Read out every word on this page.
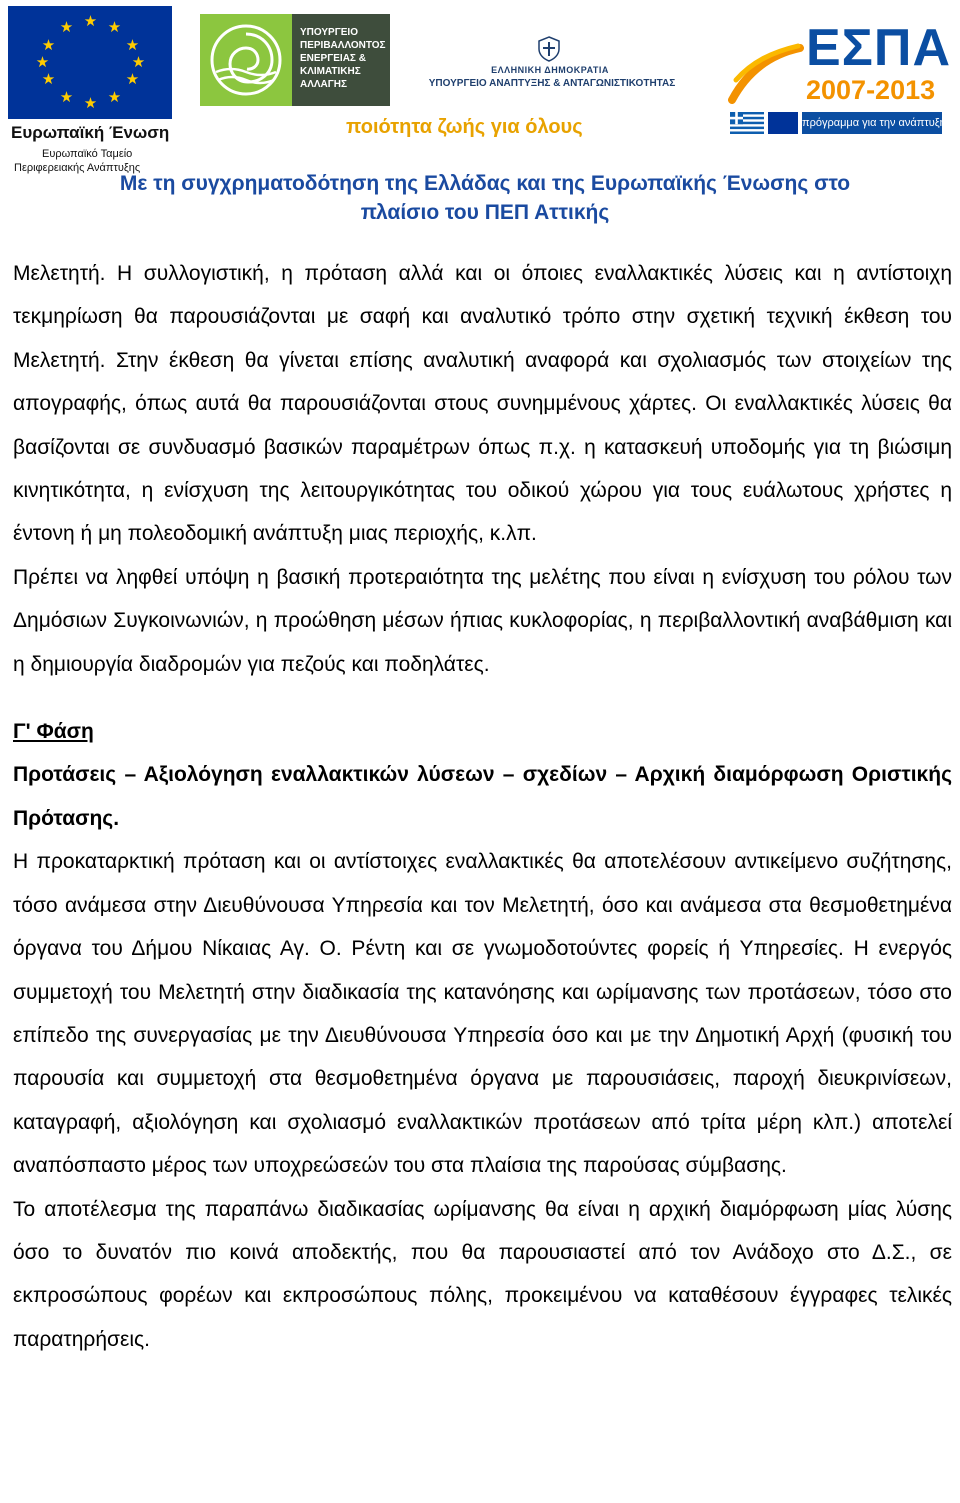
★ ★
★
★
★
★
★
★
★
★
★
★
Ευρωπαϊκή Ένωση
Ευρωπαϊκό Ταμείο
Περιφερειακής Ανάπτυξης
ΥΠΟΥΡΓΕΙΟ
ΠΕΡΙΒΑΛΛΟΝΤΟΣ
ΕΝΕΡΓΕΙΑΣ &
ΚΛΙΜΑΤΙΚΗΣ
ΑΛΛΑΓΗΣ
ΕΛΛΗΝΙΚΗ ΔΗΜΟΚΡΑΤΙΑ
ΥΠΟΥΡΓΕΙΟ ΑΝΑΠΤΥΞΗΣ & ΑΝΤΑΓΩΝΙΣΤΙΚΟΤΗΤΑΣ
ΕΣΠΑ
2007-2013
πρόγραμμα για την ανάπτυξη
ποιότητα ζωής για όλους
Με τη συγχρηματοδότηση της Ελλάδας και της Ευρωπαϊκής Ένωσης στο
πλαίσιο του ΠΕΠ Αττικής

Μελετητή. Η συλλογιστική, η πρόταση αλλά και οι όποιες εναλλακτικές λύσεις και η αντίστοιχη τεκμηρίωση θα παρουσιάζονται με σαφή και αναλυτικό τρόπο στην σχετική τεχνική έκθεση του Μελετητή. Στην έκθεση θα γίνεται επίσης αναλυτική αναφορά και σχολιασμός των στοιχείων της απογραφής, όπως αυτά θα παρουσιάζονται στους συνημμένους χάρτες. Οι εναλλακτικές λύσεις θα βασίζονται σε συνδυασμό βασικών παραμέτρων όπως π.χ. η κατασκευή υποδομής για τη βιώσιμη κινητικότητα, η ενίσχυση της λειτουργικότητας του οδικού χώρου για τους ευάλωτους χρήστες η έντονη ή μη πολεοδομική ανάπτυξη μιας περιοχής, κ.λπ.

Πρέπει να ληφθεί υπόψη η βασική προτεραιότητα της μελέτης που είναι η ενίσχυση του ρόλου των Δημόσιων Συγκοινωνιών, η προώθηση μέσων ήπιας κυκλοφορίας, η περιβαλλοντική αναβάθμιση και η δημιουργία διαδρομών για πεζούς και ποδηλάτες.

Γ' Φάση

Προτάσεις – Αξιολόγηση εναλλακτικών λύσεων – σχεδίων – Αρχική διαμόρφωση Οριστικής Πρότασης.

Η προκαταρκτική πρόταση και οι αντίστοιχες εναλλακτικές θα αποτελέσουν αντικείμενο συζήτησης, τόσο ανάμεσα στην Διευθύνουσα Υπηρεσία και τον Μελετητή, όσο και ανάμεσα στα θεσμοθετημένα όργανα του Δήμου Νίκαιας Αγ. Ο. Ρέντη και σε γνωμοδοτούντες φορείς ή Υπηρεσίες. Η ενεργός συμμετοχή του Μελετητή στην διαδικασία της κατανόησης και ωρίμανσης των προτάσεων, τόσο στο επίπεδο της συνεργασίας με την Διευθύνουσα Υπηρεσία όσο και με την Δημοτική Αρχή (φυσική του παρουσία και συμμετοχή στα θεσμοθετημένα όργανα με παρουσιάσεις, παροχή διευκρινίσεων, καταγραφή, αξιολόγηση και σχολιασμό εναλλακτικών προτάσεων από τρίτα μέρη κλπ.) αποτελεί αναπόσπαστο μέρος των υποχρεώσεών του στα πλαίσια της παρούσας σύμβασης.

Το αποτέλεσμα της παραπάνω διαδικασίας ωρίμανσης θα είναι η αρχική διαμόρφωση μίας λύσης όσο το δυνατόν πιο κοινά αποδεκτής, που θα παρουσιαστεί από τον Ανάδοχο στο Δ.Σ., σε εκπροσώπους φορέων και εκπροσώπους πόλης, προκειμένου να καταθέσουν έγγραφες τελικές παρατηρήσεις.
